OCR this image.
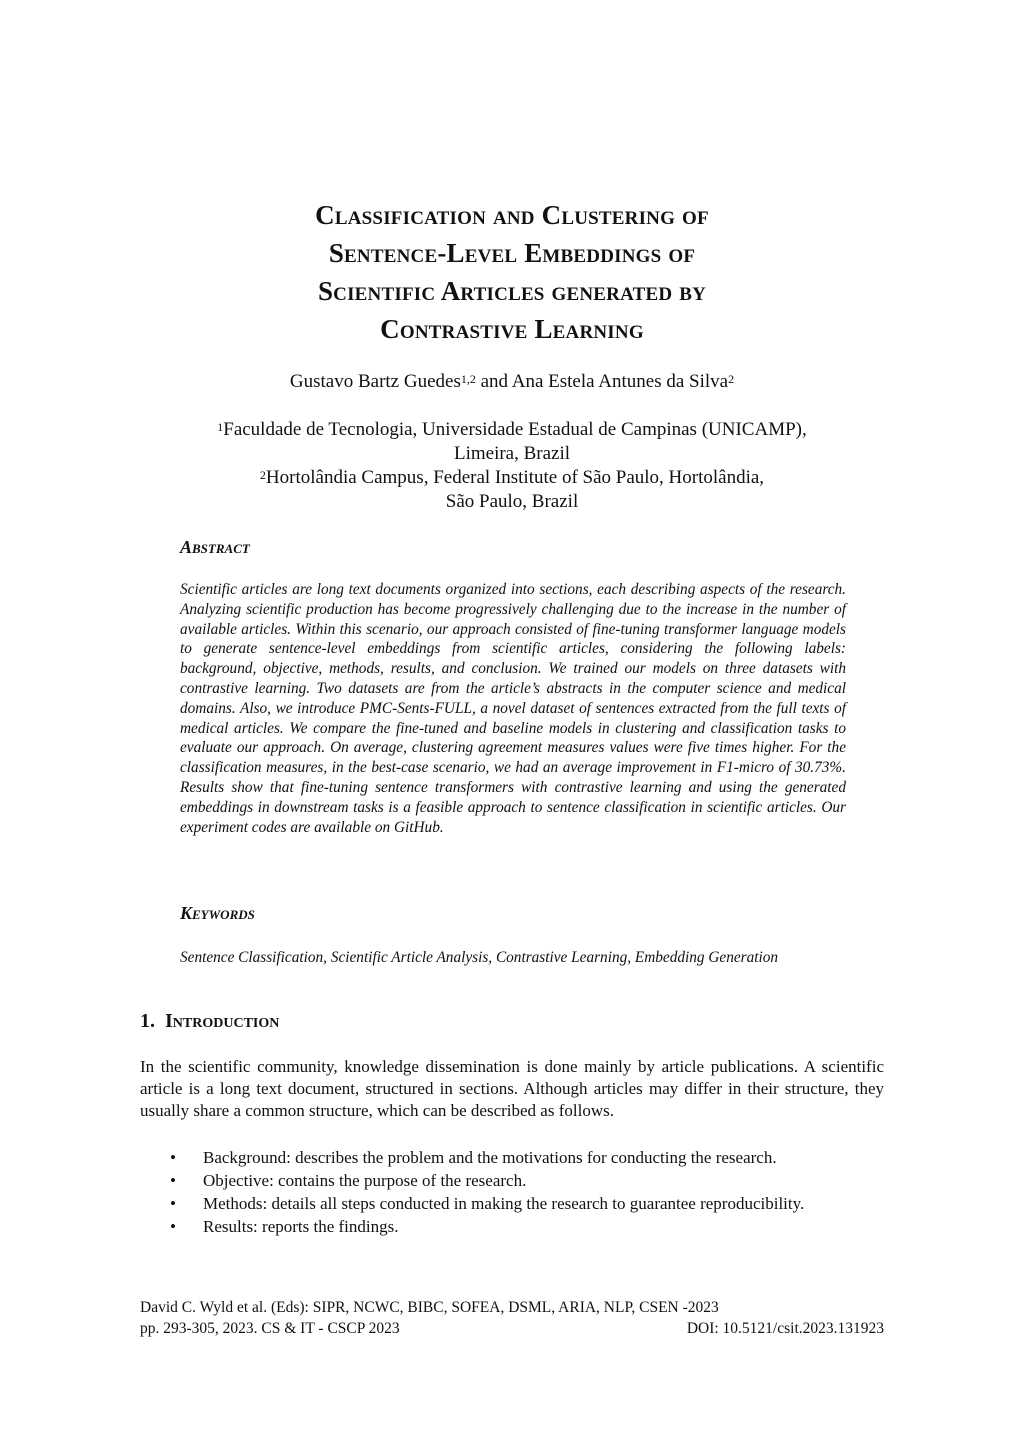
Classification and Clustering of
Sentence-Level Embeddings of
Scientific Articles generated by
Contrastive Learning
Gustavo Bartz Guedes$^{1,2}$ and Ana Estela Antunes da Silva$^2$
$^1$Faculdade de Tecnologia, Universidade Estadual de Campinas (UNICAMP),
Limeira, Brazil
$^2$Hortolândia Campus, Federal Institute of São Paulo, Hortolândia,
São Paulo, Brazil
Abstract
Scientific articles are long text documents organized into sections, each describing aspects of the research. Analyzing scientific production has become progressively challenging due to the increase in the number of available articles. Within this scenario, our approach consisted of fine-tuning transformer language models to generate sentence-level embeddings from scientific articles, considering the following labels: background, objective, methods, results, and conclusion. We trained our models on three datasets with contrastive learning. Two datasets are from the article’s abstracts in the computer science and medical domains. Also, we introduce PMC-Sents-FULL, a novel dataset of sentences extracted from the full texts of medical articles. We compare the fine-tuned and baseline models in clustering and classification tasks to evaluate our approach. On average, clustering agreement measures values were five times higher. For the classification measures, in the best-case scenario, we had an average improvement in F1-micro of 30.73%. Results show that fine-tuning sentence transformers with contrastive learning and using the generated embeddings in downstream tasks is a feasible approach to sentence classification in scientific articles. Our experiment codes are available on GitHub.
Keywords
Sentence Classification, Scientific Article Analysis, Contrastive Learning, Embedding Generation
1. Introduction
In the scientific community, knowledge dissemination is done mainly by article publications. A scientific article is a long text document, structured in sections. Although articles may differ in their structure, they usually share a common structure, which can be described as follows.
• Background: describes the problem and the motivations for conducting the research.
• Objective: contains the purpose of the research.
• Methods: details all steps conducted in making the research to guarantee reproducibility.
• Results: reports the findings.
David C. Wyld et al. (Eds): SIPR, NCWC, BIBC, SOFEA, DSML, ARIA, NLP, CSEN -2023
pp. 293-305, 2023. CS & IT - CSCP 2023	DOI: 10.5121/csit.2023.131923
